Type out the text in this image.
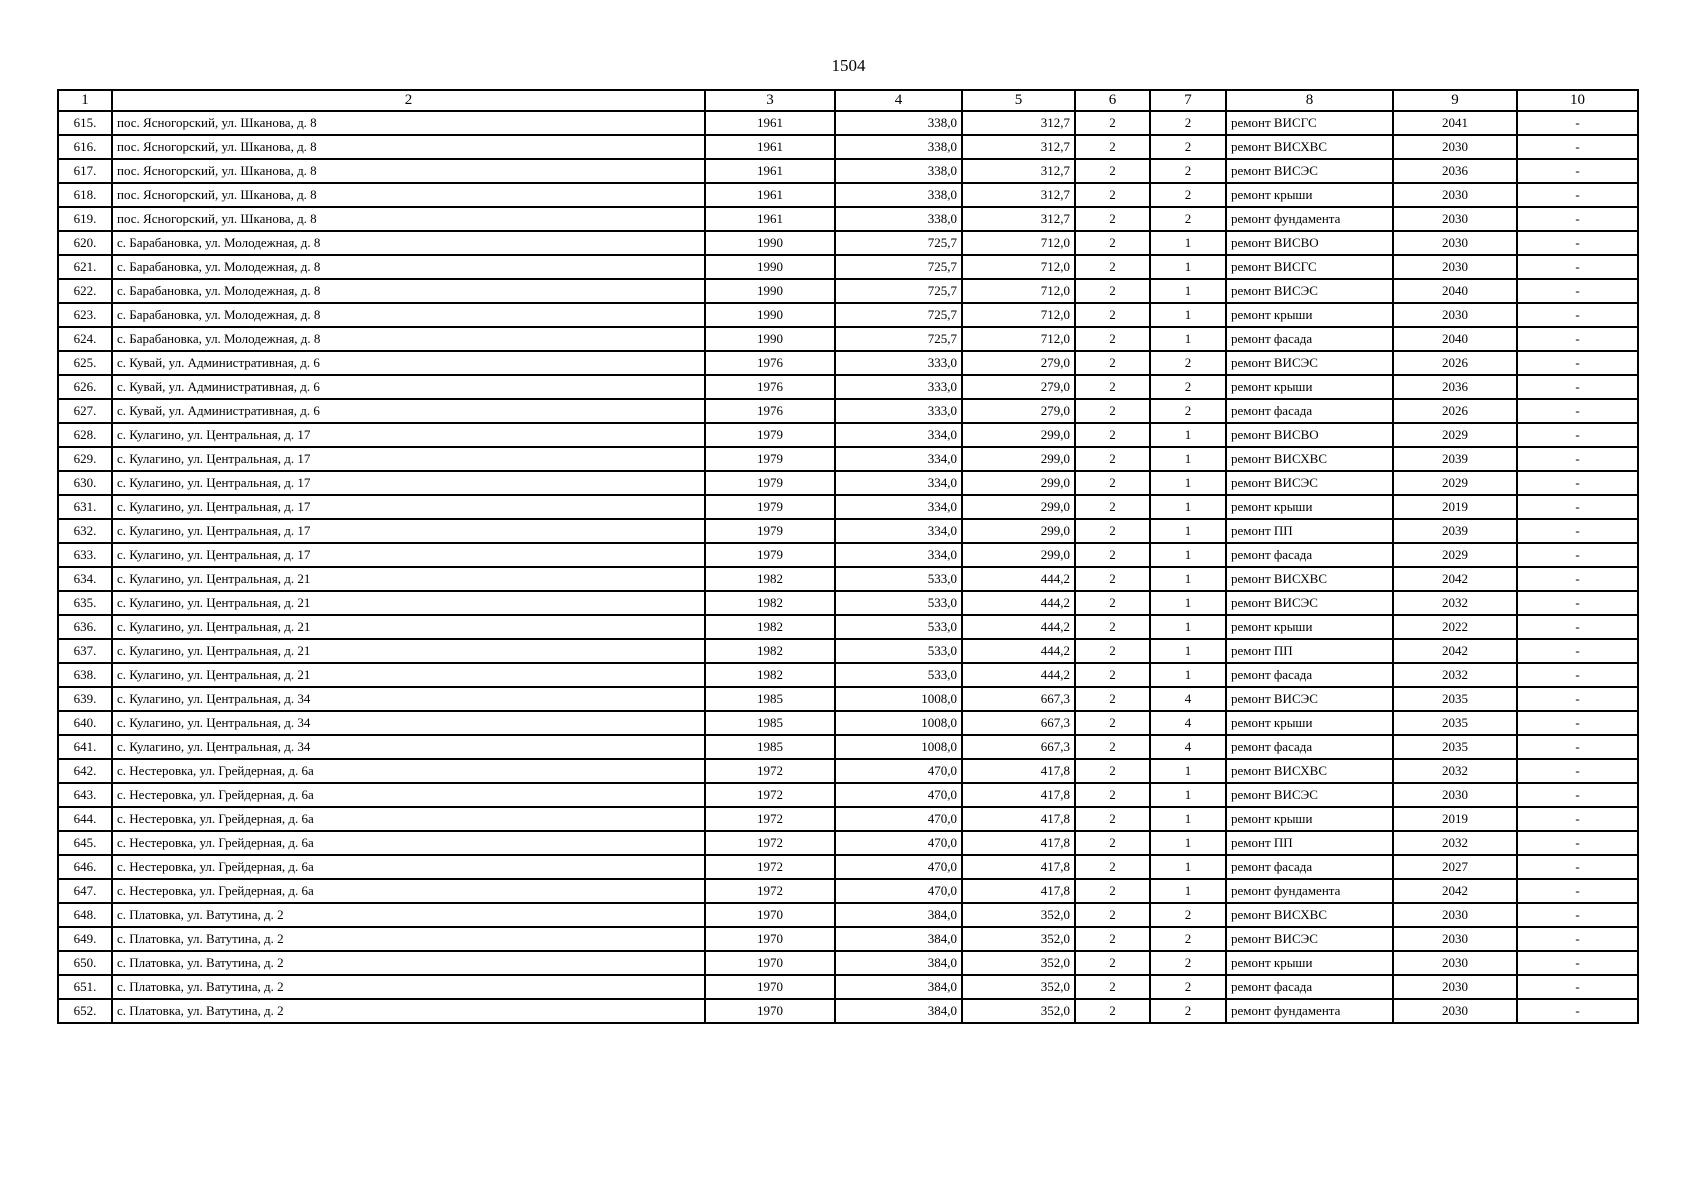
1504
1	2	3	4	5	6	7	8	9	10
615.	пос. Ясногорский, ул. Шканова, д. 8	1961	338,0	312,7	2	2	ремонт ВИСГС	2041	-
616.	пос. Ясногорский, ул. Шканова, д. 8	1961	338,0	312,7	2	2	ремонт ВИСХВС	2030	-
617.	пос. Ясногорский, ул. Шканова, д. 8	1961	338,0	312,7	2	2	ремонт ВИСЭС	2036	-
618.	пос. Ясногорский, ул. Шканова, д. 8	1961	338,0	312,7	2	2	ремонт крыши	2030	-
619.	пос. Ясногорский, ул. Шканова, д. 8	1961	338,0	312,7	2	2	ремонт фундамента	2030	-
620.	с. Барабановка, ул. Молодежная, д. 8	1990	725,7	712,0	2	1	ремонт ВИСВО	2030	-
621.	с. Барабановка, ул. Молодежная, д. 8	1990	725,7	712,0	2	1	ремонт ВИСГС	2030	-
622.	с. Барабановка, ул. Молодежная, д. 8	1990	725,7	712,0	2	1	ремонт ВИСЭС	2040	-
623.	с. Барабановка, ул. Молодежная, д. 8	1990	725,7	712,0	2	1	ремонт крыши	2030	-
624.	с. Барабановка, ул. Молодежная, д. 8	1990	725,7	712,0	2	1	ремонт фасада	2040	-
625.	с. Кувай, ул. Административная, д. 6	1976	333,0	279,0	2	2	ремонт ВИСЭС	2026	-
626.	с. Кувай, ул. Административная, д. 6	1976	333,0	279,0	2	2	ремонт крыши	2036	-
627.	с. Кувай, ул. Административная, д. 6	1976	333,0	279,0	2	2	ремонт фасада	2026	-
628.	с. Кулагино, ул. Центральная, д. 17	1979	334,0	299,0	2	1	ремонт ВИСВО	2029	-
629.	с. Кулагино, ул. Центральная, д. 17	1979	334,0	299,0	2	1	ремонт ВИСХВС	2039	-
630.	с. Кулагино, ул. Центральная, д. 17	1979	334,0	299,0	2	1	ремонт ВИСЭС	2029	-
631.	с. Кулагино, ул. Центральная, д. 17	1979	334,0	299,0	2	1	ремонт крыши	2019	-
632.	с. Кулагино, ул. Центральная, д. 17	1979	334,0	299,0	2	1	ремонт ПП	2039	-
633.	с. Кулагино, ул. Центральная, д. 17	1979	334,0	299,0	2	1	ремонт фасада	2029	-
634.	с. Кулагино, ул. Центральная, д. 21	1982	533,0	444,2	2	1	ремонт ВИСХВС	2042	-
635.	с. Кулагино, ул. Центральная, д. 21	1982	533,0	444,2	2	1	ремонт ВИСЭС	2032	-
636.	с. Кулагино, ул. Центральная, д. 21	1982	533,0	444,2	2	1	ремонт крыши	2022	-
637.	с. Кулагино, ул. Центральная, д. 21	1982	533,0	444,2	2	1	ремонт ПП	2042	-
638.	с. Кулагино, ул. Центральная, д. 21	1982	533,0	444,2	2	1	ремонт фасада	2032	-
639.	с. Кулагино, ул. Центральная, д. 34	1985	1008,0	667,3	2	4	ремонт ВИСЭС	2035	-
640.	с. Кулагино, ул. Центральная, д. 34	1985	1008,0	667,3	2	4	ремонт крыши	2035	-
641.	с. Кулагино, ул. Центральная, д. 34	1985	1008,0	667,3	2	4	ремонт фасада	2035	-
642.	с. Нестеровка, ул. Грейдерная, д. 6а	1972	470,0	417,8	2	1	ремонт ВИСХВС	2032	-
643.	с. Нестеровка, ул. Грейдерная, д. 6а	1972	470,0	417,8	2	1	ремонт ВИСЭС	2030	-
644.	с. Нестеровка, ул. Грейдерная, д. 6а	1972	470,0	417,8	2	1	ремонт крыши	2019	-
645.	с. Нестеровка, ул. Грейдерная, д. 6а	1972	470,0	417,8	2	1	ремонт ПП	2032	-
646.	с. Нестеровка, ул. Грейдерная, д. 6а	1972	470,0	417,8	2	1	ремонт фасада	2027	-
647.	с. Нестеровка, ул. Грейдерная, д. 6а	1972	470,0	417,8	2	1	ремонт фундамента	2042	-
648.	с. Платовка, ул. Ватутина, д. 2	1970	384,0	352,0	2	2	ремонт ВИСХВС	2030	-
649.	с. Платовка, ул. Ватутина, д. 2	1970	384,0	352,0	2	2	ремонт ВИСЭС	2030	-
650.	с. Платовка, ул. Ватутина, д. 2	1970	384,0	352,0	2	2	ремонт крыши	2030	-
651.	с. Платовка, ул. Ватутина, д. 2	1970	384,0	352,0	2	2	ремонт фасада	2030	-
652.	с. Платовка, ул. Ватутина, д. 2	1970	384,0	352,0	2	2	ремонт фундамента	2030	-
